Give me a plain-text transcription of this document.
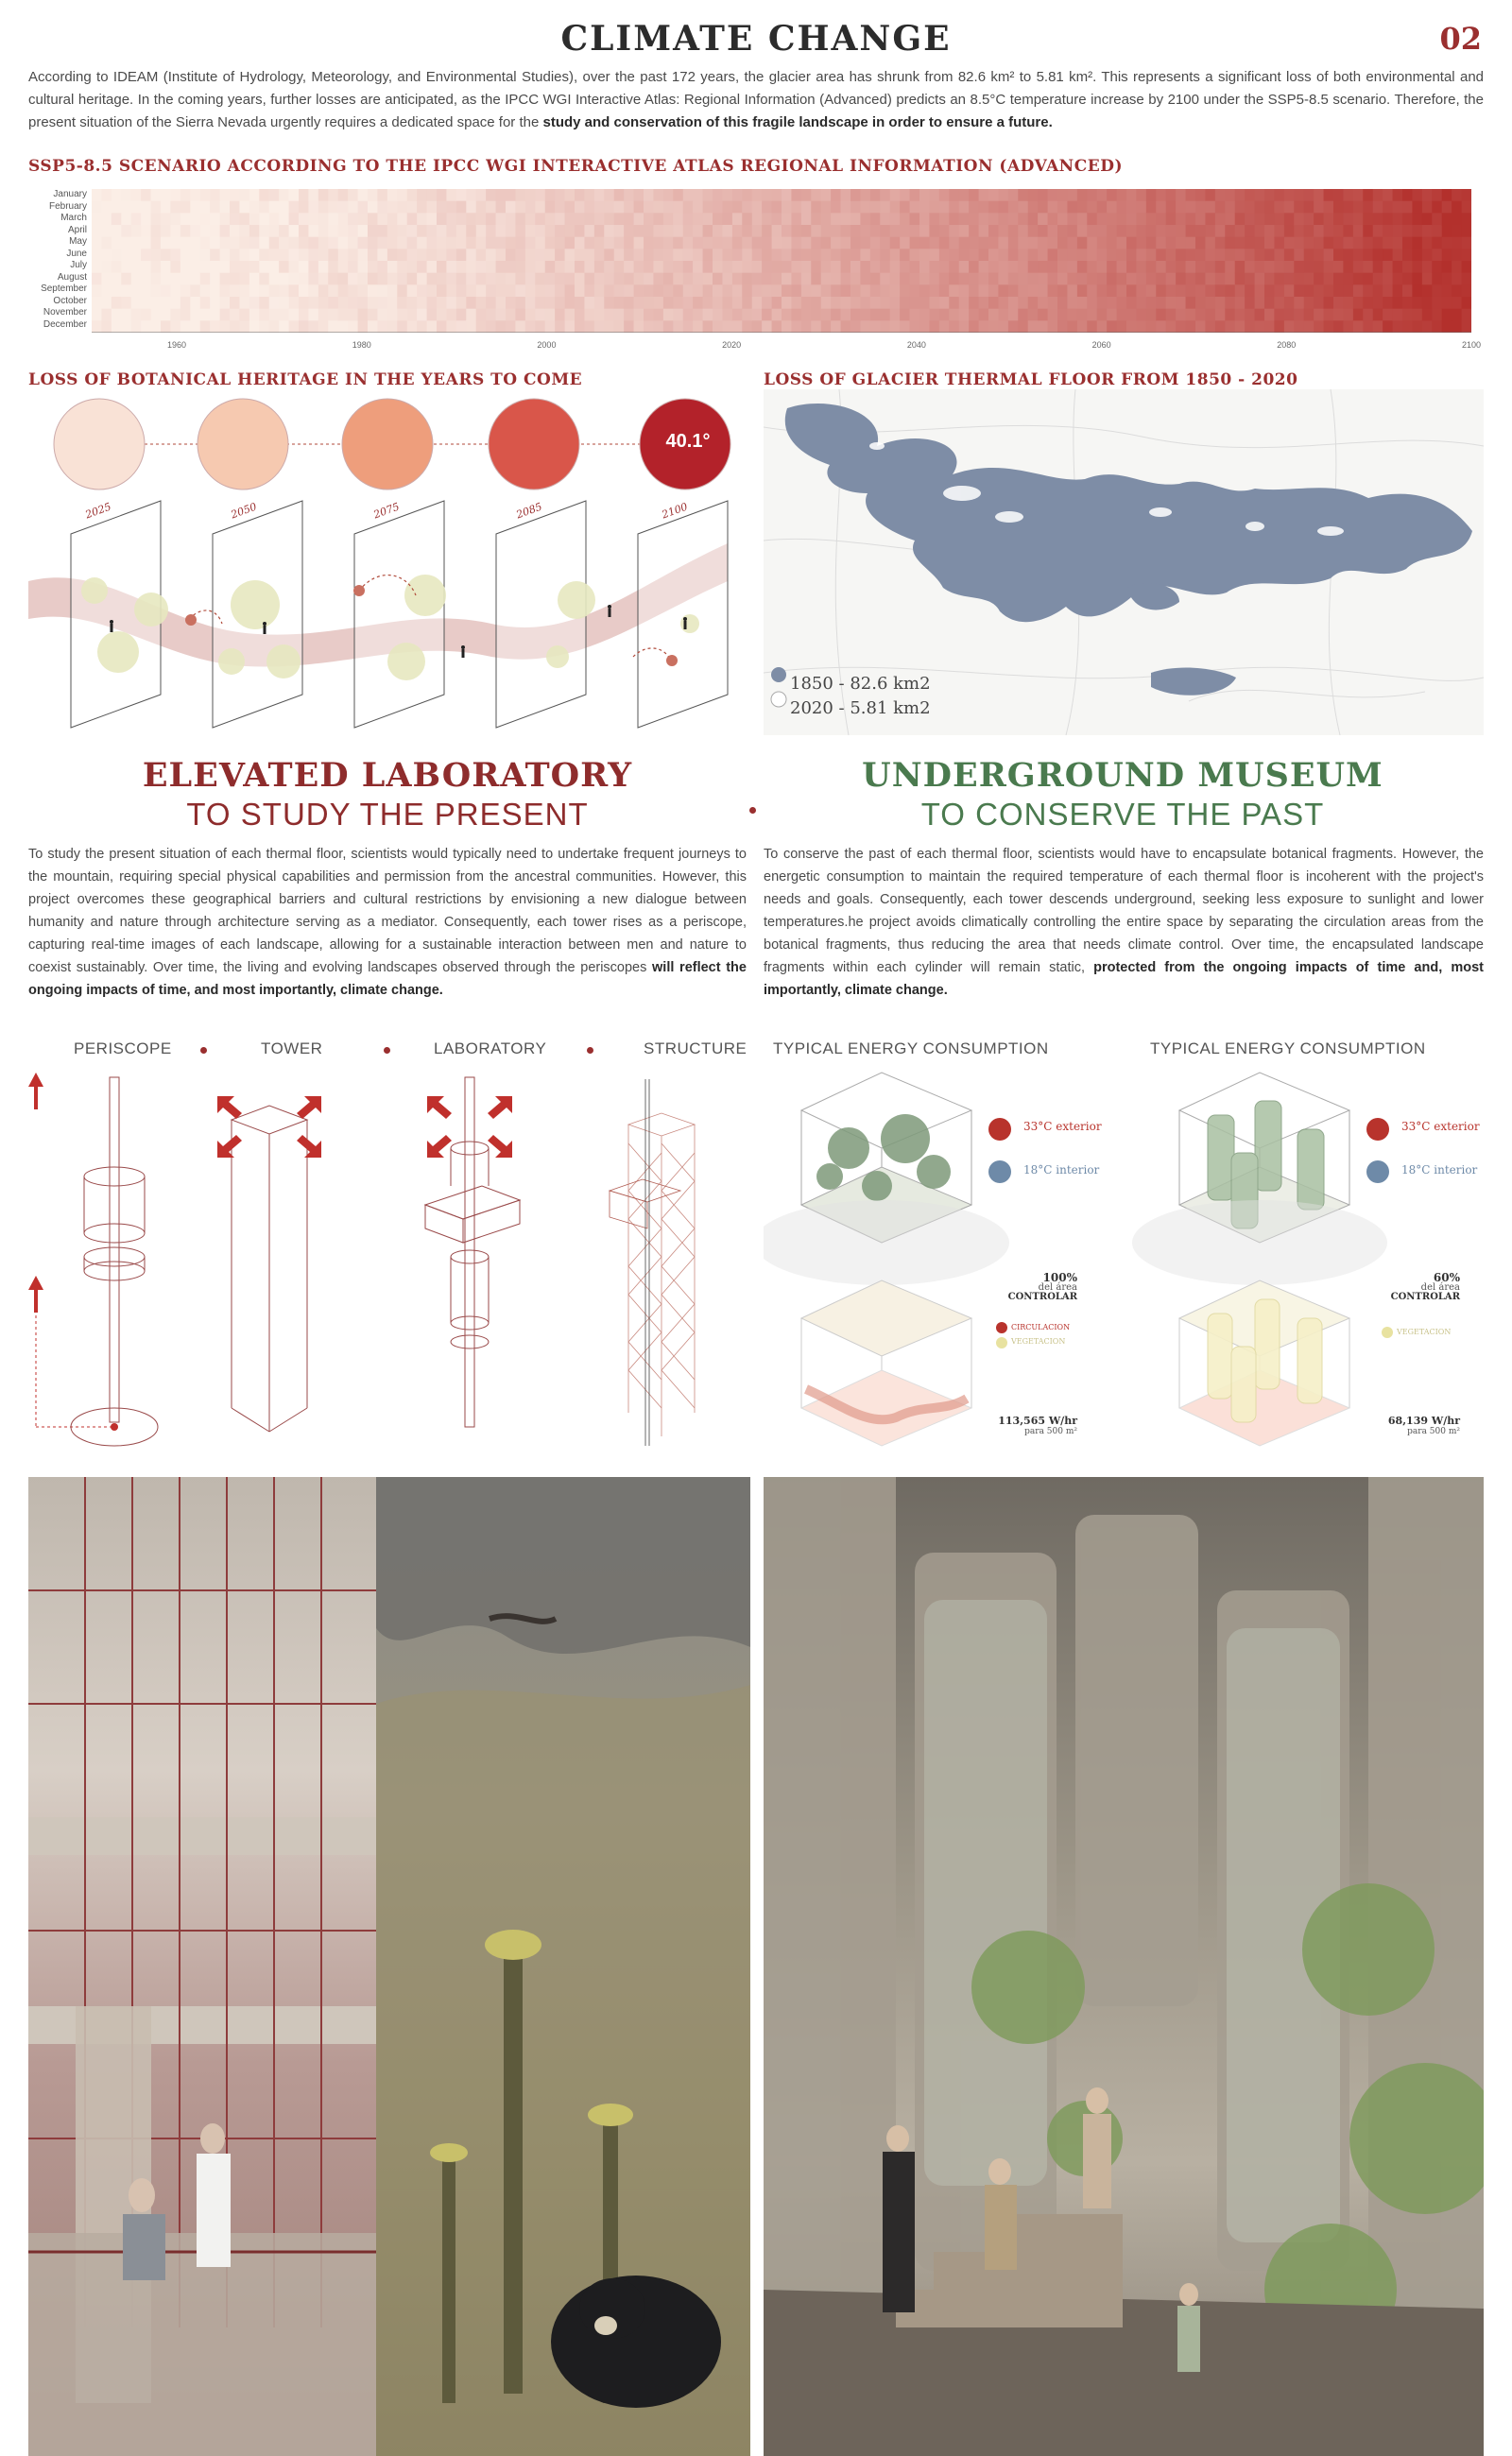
CLIMATE CHANGE	02
According to IDEAM (Institute of Hydrology, Meteorology, and Environmental Studies), over the past 172 years, the glacier area has shrunk from 82.6 km² to 5.81 km². This represents a significant loss of both environmental and cultural heritage. In the coming years, further losses are anticipated, as the IPCC WGI Interactive Atlas: Regional Information (Advanced) predicts an 8.5°C temperature increase by 2100 under the SSP5-8.5 scenario. Therefore, the present situation of the Sierra Nevada urgently requires a dedicated space for the study and conservation of this fragile landscape in order to ensure a future.
SSP5-8.5 SCENARIO ACCORDING TO THE IPCC WGI INTERACTIVE ATLAS REGIONAL INFORMATION (ADVANCED)
January
February
March
April
May
June
July
August
September
October
November
December
1960	1980	2000	2020	2040	2060	2080	2100
LOSS OF BOTANICAL HERITAGE IN THE YEARS TO COME
40.1°
2025	2050	2075	2085	2100
LOSS OF GLACIER THERMAL FLOOR FROM 1850 - 2020
1850 - 82.6 km2
2020 - 5.81 km2
ELEVATED LABORATORY
TO STUDY THE PRESENT
UNDERGROUND MUSEUM
TO CONSERVE THE PAST
To study the present situation of each thermal floor, scientists would typically need to undertake frequent journeys to the mountain, requiring special physical capabilities and permission from the ancestral communities. However, this project overcomes these geographical barriers and cultural restrictions by envisioning a new dialogue between humanity and nature through architecture serving as a mediator. Consequently, each tower rises as a periscope, capturing real-time images of each landscape, allowing for a sustainable interaction between men and nature to coexist sustainably. Over time, the living and evolving landscapes observed through the periscopes will reflect the ongoing impacts of time, and most importantly, climate change.
To conserve the past of each thermal floor, scientists would have to encapsulate botanical fragments. However, the energetic consumption to maintain the required temperature of each thermal floor is incoherent with the project's needs and goals. Consequently, each tower descends underground, seeking less exposure to sunlight and lower temperatures.he project avoids climatically controlling the entire space by separating the circulation areas from the botanical fragments, thus reducing the area that needs climate control. Over time, the encapsulated landscape fragments within each cylinder will remain static, protected from the ongoing impacts of time and, most importantly, climate change.
PERISCOPE	TOWER	LABORATORY	STRUCTURE TYPICAL ENERGY CONSUMPTION	TYPICAL ENERGY CONSUMPTION
33°C exterior
18°C interior
100%
del área
CONTROLAR
CIRCULACION
VEGETACION
113,565 W/hr
para 500 m²
33°C exterior
18°C interior
60%
del área
CONTROLAR
VEGETACION
68,139 W/hr
para 500 m²
